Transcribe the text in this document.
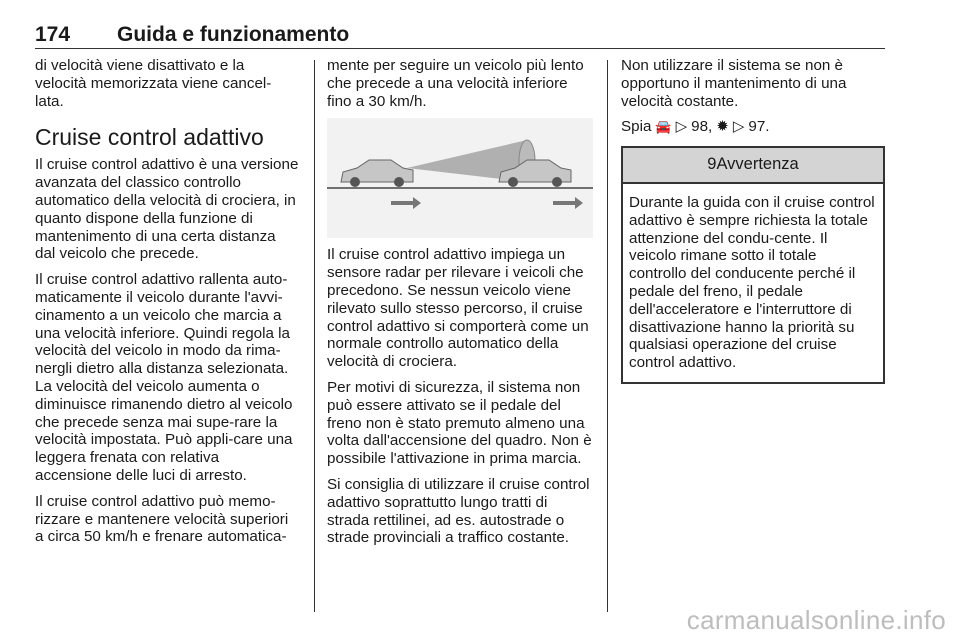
174 Guida e funzionamento

di velocità viene disattivato e la velocità memorizzata viene cancel-lata.

Cruise control adattivo

Il cruise control adattivo è una versione avanzata del classico controllo automatico della velocità di crociera, in quanto dispone della funzione di mantenimento di una certa distanza dal veicolo che precede.

Il cruise control adattivo rallenta auto-maticamente il veicolo durante l'avvi-cinamento a un veicolo che marcia a una velocità inferiore. Quindi regola la velocità del veicolo in modo da rima-nergli dietro alla distanza selezionata. La velocità del veicolo aumenta o diminuisce rimanendo dietro al veicolo che precede senza mai supe-rare la velocità impostata. Può appli-care una leggera frenata con relativa accensione delle luci di arresto.

Il cruise control adattivo può memo-rizzare e mantenere velocità superiori a circa 50 km/h e frenare automatica-

mente per seguire un veicolo più lento che precede a una velocità inferiore fino a 30 km/h.

Il cruise control adattivo impiega un sensore radar per rilevare i veicoli che precedono. Se nessun veicolo viene rilevato sullo stesso percorso, il cruise control adattivo si comporterà come un normale controllo automatico della velocità di crociera.

Per motivi di sicurezza, il sistema non può essere attivato se il pedale del freno non è stato premuto almeno una volta dall'accensione del quadro. Non è possibile l'attivazione in prima marcia.

Si consiglia di utilizzare il cruise control adattivo soprattutto lungo tratti di strada rettilinei, ad es. autostrade o strade provinciali a traffico costante.

Non utilizzare il sistema se non è opportuno il mantenimento di una velocità costante.

Spia 🚘 ▷ 98, ✹ ▷ 97.
9Avvertenza
Durante la guida con il cruise control adattivo è sempre richiesta la totale attenzione del condu-cente. Il veicolo rimane sotto il totale controllo del conducente perché il pedale del freno, il pedale dell'acceleratore e l'interruttore di disattivazione hanno la priorità su qualsiasi operazione del cruise control adattivo.
carmanualsonline.info
